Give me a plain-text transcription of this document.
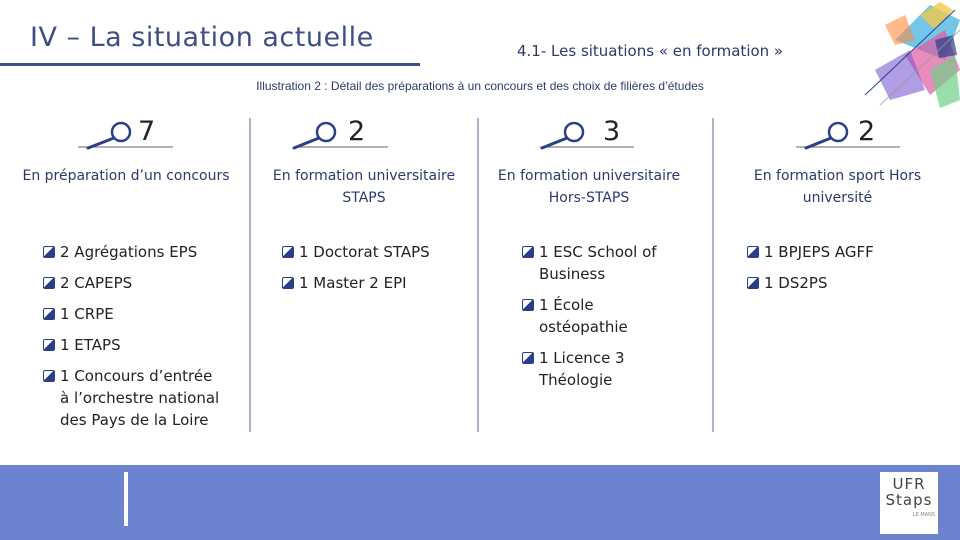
IV – La situation actuelle	4.1- Les situations « en formation »
Illustration 2 : Détail des préparations à un concours et des choix de filières d’études
7
En préparation d’un concours
2 Agrégations EPS
2 CAPEPS
1 CRPE
1 ETAPS
1 Concours d’entrée
à l’orchestre national
des Pays de la Loire
2
En formation universitaire
STAPS
1 Doctorat STAPS
1 Master 2 EPI
3
En formation universitaire
Hors-STAPS
1 ESC School of
Business
1 École
ostéopathie
1 Licence 3
Théologie
2
En formation sport Hors
université
1 BPJEPS AGFF
1 DS2PS
UFR
Staps
LE MANS
